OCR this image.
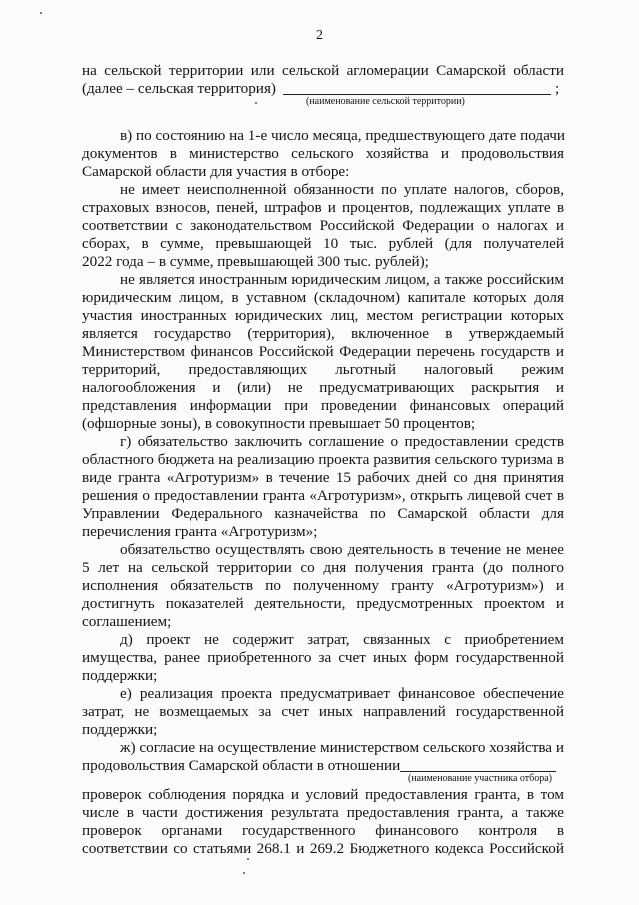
2
на сельской территории или сельской агломерации Самарской области
(далее – сельская территория)	;
(наименование сельской территории)
в) по состоянию на 1-е число месяца, предшествующего дате подачи
документов в министерство сельского хозяйства и продовольствия
Самарской области для участия в отборе:
не имеет неисполненной обязанности по уплате налогов, сборов,
страховых взносов, пеней, штрафов и процентов, подлежащих уплате в
соответствии с законодательством Российской Федерации о налогах и
сборах, в сумме, превышающей 10 тыс. рублей (для получателей
2022 года – в сумме, превышающей 300 тыс. рублей);
не является иностранным юридическим лицом, а также российским
юридическим лицом, в уставном (складочном) капитале которых доля
участия иностранных юридических лиц, местом регистрации которых
является государство (территория), включенное в утверждаемый
Министерством финансов Российской Федерации перечень государств и
территорий, предоставляющих льготный налоговый режим
налогообложения и (или) не предусматривающих раскрытия и
представления информации при проведении финансовых операций
(офшорные зоны), в совокупности превышает 50 процентов;
г) обязательство заключить соглашение о предоставлении средств
областного бюджета на реализацию проекта развития сельского туризма в
виде гранта «Агротуризм» в течение 15 рабочих дней со дня принятия
решения о предоставлении гранта «Агротуризм», открыть лицевой счет в
Управлении Федерального казначейства по Самарской области для
перечисления гранта «Агротуризм»;
обязательство осуществлять свою деятельность в течение не менее
5 лет на сельской территории со дня получения гранта (до полного
исполнения обязательств по полученному гранту «Агротуризм») и
достигнуть показателей деятельности, предусмотренных проектом и
соглашением;
д) проект не содержит затрат, связанных с приобретением
имущества, ранее приобретенного за счет иных форм государственной
поддержки;
е) реализация проекта предусматривает финансовое обеспечение
затрат, не возмещаемых за счет иных направлений государственной
поддержки;
ж) согласие на осуществление министерством сельского хозяйства и
продовольствия Самарской области в отношении
(наименование участника отбора)
проверок соблюдения порядка и условий предоставления гранта, в том
числе в части достижения результата предоставления гранта, а также
проверок органами государственного финансового контроля в
соответствии со статьями 268.1 и 269.2 Бюджетного кодекса Российской
